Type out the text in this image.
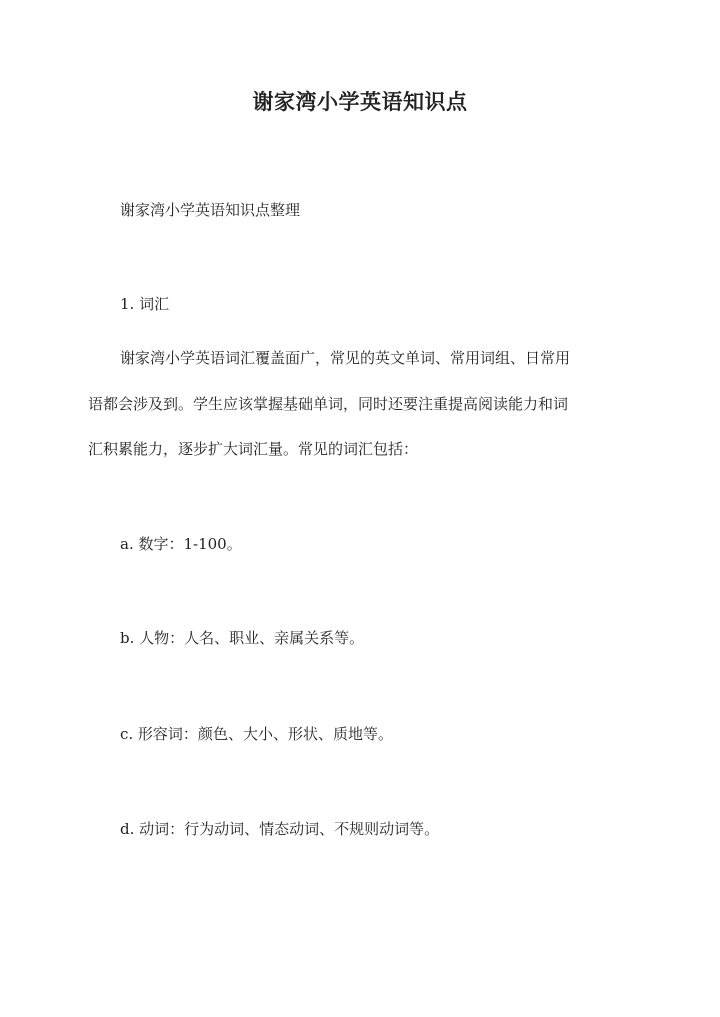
谢家湾小学英语知识点
谢家湾小学英语知识点整理
1. 词汇
谢家湾小学英语词汇覆盖面广，常见的英文单词、常用词组、日常用
语都会涉及到。学生应该掌握基础单词，同时还要注重提高阅读能力和词
汇积累能力，逐步扩大词汇量。常见的词汇包括：
a. 数字：1-100。
b. 人物：人名、职业、亲属关系等。
c. 形容词：颜色、大小、形状、质地等。
d. 动词：行为动词、情态动词、不规则动词等。
